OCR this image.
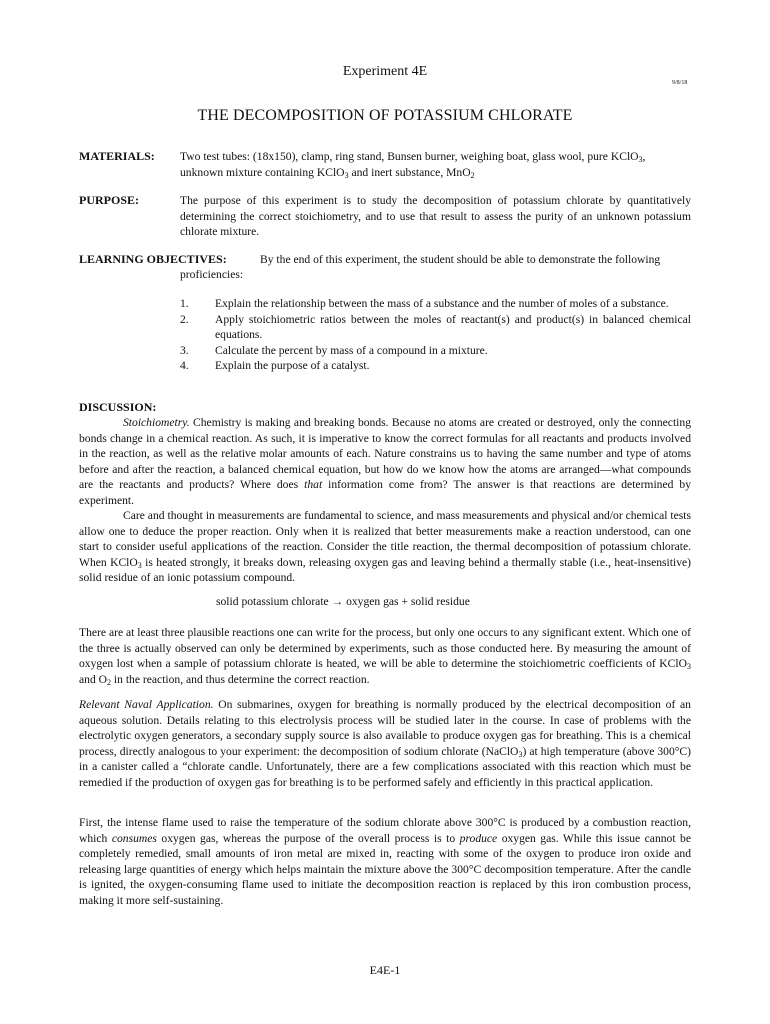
Experiment 4E
9/8/18
THE DECOMPOSITION OF POTASSIUM CHLORATE
MATERIALS: Two test tubes: (18x150), clamp, ring stand, Bunsen burner, weighing boat, glass wool, pure KClO$_3$,
unknown mixture containing KClO$_3$ and inert substance, MnO$_2$
PURPOSE:	The purpose of this experiment is to study the decomposition of potassium chlorate by quantitatively determining the correct stoichiometry, and to use that result to assess the purity of an unknown potassium chlorate mixture.
LEARNING OBJECTIVES:	By the end of this experiment, the student should be able to demonstrate the following
proficiencies:
1.	Explain the relationship between the mass of a substance and the number of moles of a substance.
2.	Apply stoichiometric ratios between the moles of reactant(s) and product(s) in balanced chemical equations.
3.	Calculate the percent by mass of a compound in a mixture.
4.	Explain the purpose of a catalyst.
DISCUSSION:

Stoichiometry. Chemistry is making and breaking bonds. Because no atoms are created or destroyed, only the connecting bonds change in a chemical reaction. As such, it is imperative to know the correct formulas for all reactants and products involved in the reaction, as well as the relative molar amounts of each. Nature constrains us to having the same number and type of atoms before and after the reaction, a balanced chemical equation, but how do we know how the atoms are arranged—what compounds are the reactants and products? Where does that information come from? The answer is that reactions are determined by experiment.

Care and thought in measurements are fundamental to science, and mass measurements and physical and/or chemical tests allow one to deduce the proper reaction. Only when it is realized that better measurements make a reaction understood, can one start to consider useful applications of the reaction. Consider the title reaction, the thermal decomposition of potassium chlorate. When KClO$_3$ is heated strongly, it breaks down, releasing oxygen gas and leaving behind a thermally stable (i.e., heat-insensitive) solid residue of an ionic potassium compound.

solid potassium chlorate → oxygen gas + solid residue
There are at least three plausible reactions one can write for the process, but only one occurs to any significant extent. Which one of the three is actually observed can only be determined by experiments, such as those conducted here. By measuring the amount of oxygen lost when a sample of potassium chlorate is heated, we will be able to determine the stoichiometric coefficients of KClO$_3$ and $O_2$ in the reaction, and thus determine the correct reaction.
Relevant Naval Application. On submarines, oxygen for breathing is normally produced by the electrical decomposition of an aqueous solution. Details relating to this electrolysis process will be studied later in the course. In case of problems with the electrolytic oxygen generators, a secondary supply source is also available to produce oxygen gas for breathing. This is a chemical process, directly analogous to your experiment: the decomposition of sodium chlorate (NaClO$_3$) at high temperature (above 300°C) in a canister called a “chlorate candle. Unfortunately, there are a few complications associated with this reaction which must be remedied if the production of oxygen gas for breathing is to be performed safely and efficiently in this practical application.
First, the intense flame used to raise the temperature of the sodium chlorate above 300°C is produced by a combustion reaction, which consumes oxygen gas, whereas the purpose of the overall process is to produce oxygen gas. While this issue cannot be completely remedied, small amounts of iron metal are mixed in, reacting with some of the oxygen to produce iron oxide and releasing large quantities of energy which helps maintain the mixture above the 300°C decomposition temperature. After the candle is ignited, the oxygen-consuming flame used to initiate the decomposition reaction is replaced by this iron combustion process, making it more self-sustaining.
E4E-1
